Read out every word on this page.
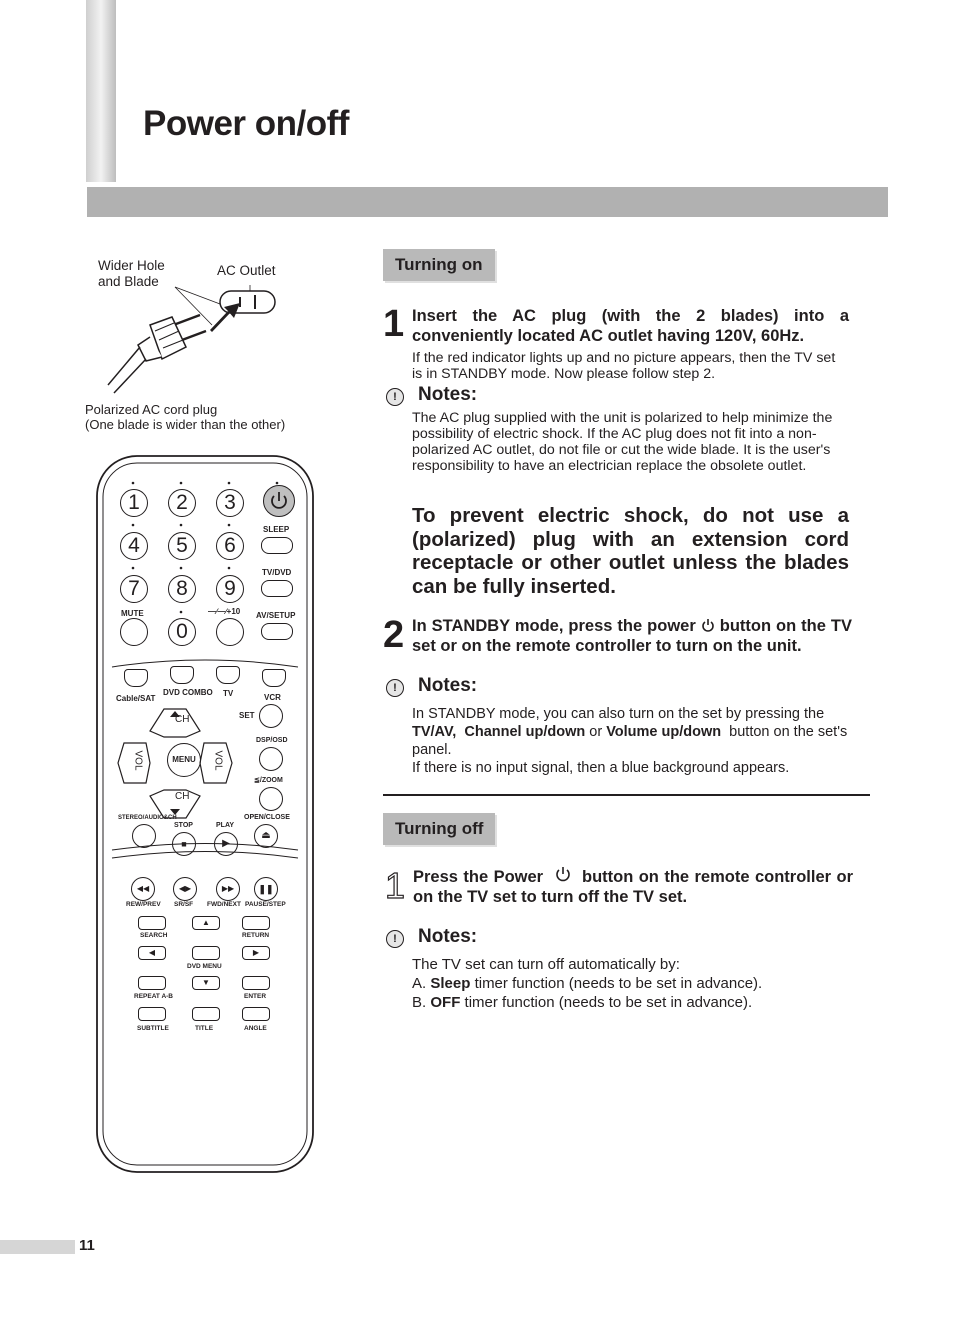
Power on/off
Wider Hole
and Blade
AC Outlet
Polarized AC cord plug
(One blade is wider than the other)
1	2	3
4	5	6
SLEEP
7	8	9
TV/DVD
MUTE
0
—∕—∕+10 AV/SETUP
Cable/SAT
DVD COMBO TV	VCR
CH
CH
VOL	VOL
MENU
SET
DSP/OSD
≦/ZOOM
STEREO/AUDIO&CH
STOP
■
PLAY
▶
OPEN/CLOSE
⏏
◀◀	◀▶	▶▶	❚❚
REW/PREV SR/SF FWD/NEXT PAUSE/STEP
▲
SEARCH	RETURN
◀	▶
DVD MENU
▼
REPEAT A-B	ENTER
SUBTITLE	TITLE	ANGLE
Turning on
1 Insert the AC plug (with the 2 blades) into a conveniently located AC outlet having 120V, 60Hz.
If the red indicator lights up and no picture appears, then the TV set is in STANDBY mode. Now please follow step 2.
!	Notes:
The AC plug supplied with the unit is polarized to help minimize the possibility of electric shock. If the AC plug does not fit into a non-polarized AC outlet, do not file or cut the wide blade. It is the user's responsibility to have an electrician replace the obsolete outlet.
To prevent electric shock, do not use a (polarized) plug with an extension cord receptacle or other outlet unless the blades can be fully inserted.
2 In STANDBY mode, press the power button on the TV set or on the remote controller to turn on the unit.
!	Notes:
In STANDBY mode, you can also turn on the set by pressing the
TV/AV, Channel up/down or Volume up/down button on the set's panel.
If there is no input signal, then a blue background appears.
Turning off
1 Press the Power button on the remote controller or on the TV set to turn off the TV set.
!	Notes:
The TV set can turn off automatically by:
A. Sleep timer function (needs to be set in advance).
B. OFF timer function (needs to be set in advance).
11
